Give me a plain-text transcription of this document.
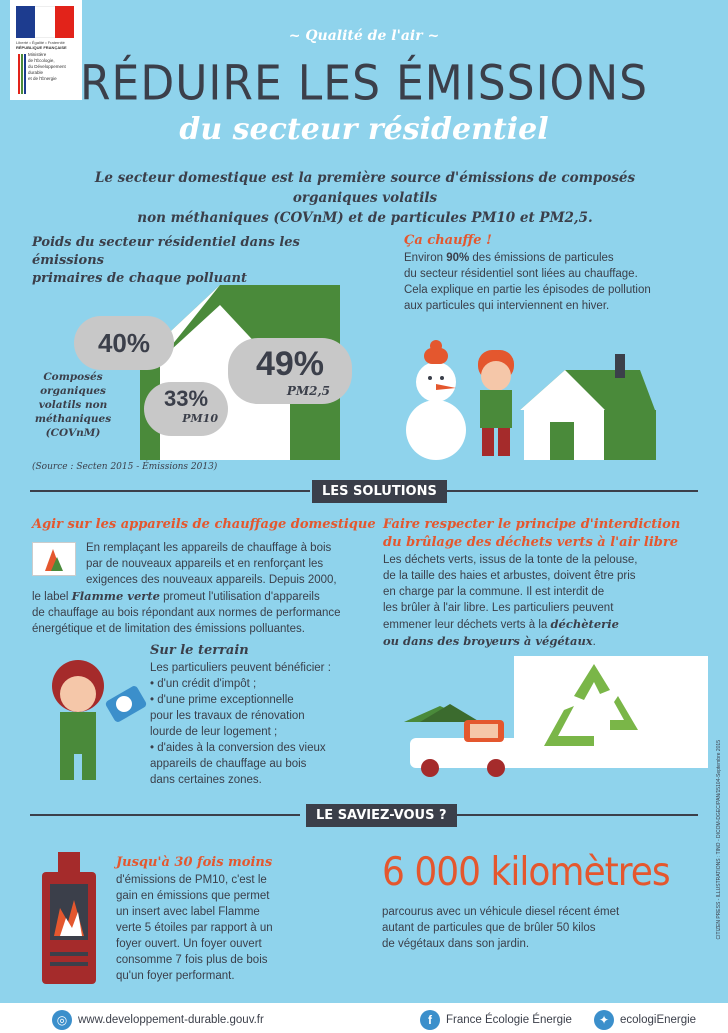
Liberté • Égalité • Fraternité
RÉPUBLIQUE FRANÇAISE
Ministère
de l'Écologie,
du Développement
durable
et de l'Énergie
~ Qualité de l'air ~
RÉDUIRE LES ÉMISSIONS
du secteur résidentiel
Le secteur domestique est la première source d'émissions de composés organiques volatils
non méthaniques (COVnM) et de particules PM10 et PM2,5.
Poids du secteur résidentiel dans les émissions
primaires de chaque polluant
40%
49%
PM2,5
33%
PM10
Composés
organiques
volatils non
méthaniques
(COVnM)
(Source : Secten 2015 - Émissions 2013)
Ça chauffe !
Environ 90% des émissions de particules
du secteur résidentiel sont liées au chauffage.
Cela explique en partie les épisodes de pollution
aux particules qui interviennent en hiver.
LES SOLUTIONS
Agir sur les appareils de chauffage domestique
En remplaçant les appareils de chauffage à bois
par de nouveaux appareils et en renforçant les
exigences des nouveaux appareils. Depuis 2000,
le label Flamme verte promeut l'utilisation d'appareils
de chauffage au bois répondant aux normes de performance
énergétique et de limitation des émissions polluantes.
Sur le terrain
Les particuliers peuvent bénéficier :
• d'un crédit d'impôt ;
• d'une prime exceptionnelle
pour les travaux de rénovation
lourde de leur logement ;
• d'aides à la conversion des vieux
appareils de chauffage au bois
dans certaines zones.
Faire respecter le principe d'interdiction
du brûlage des déchets verts à l'air libre
Les déchets verts, issus de la tonte de la pelouse,
de la taille des haies et arbustes, doivent être pris
en charge par la commune. Il est interdit de
les brûler à l'air libre. Les particuliers peuvent
emmener leur déchets verts à la déchèterie
ou dans des broyeurs à végétaux.
LE SAVIEZ-VOUS ?
Jusqu'à 30 fois moins
d'émissions de PM10, c'est le
gain en émissions que permet
un insert avec label Flamme
verte 5 étoiles par rapport à un
foyer ouvert. Un foyer ouvert
consomme 7 fois plus de bois
qu'un foyer performant.
6 000 kilomètres
parcourus avec un véhicule diesel récent émet
autant de particules que de brûler 50 kilos
de végétaux dans son jardin.
CITIZEN PRESS - ILLUSTRATIONS : TINO - DICOM-DGEC/PAN/15104-Septembre 2015
◎ www.developpement-durable.gouv.fr	f	France Écologie Énergie	✦ ecologiEnergie
